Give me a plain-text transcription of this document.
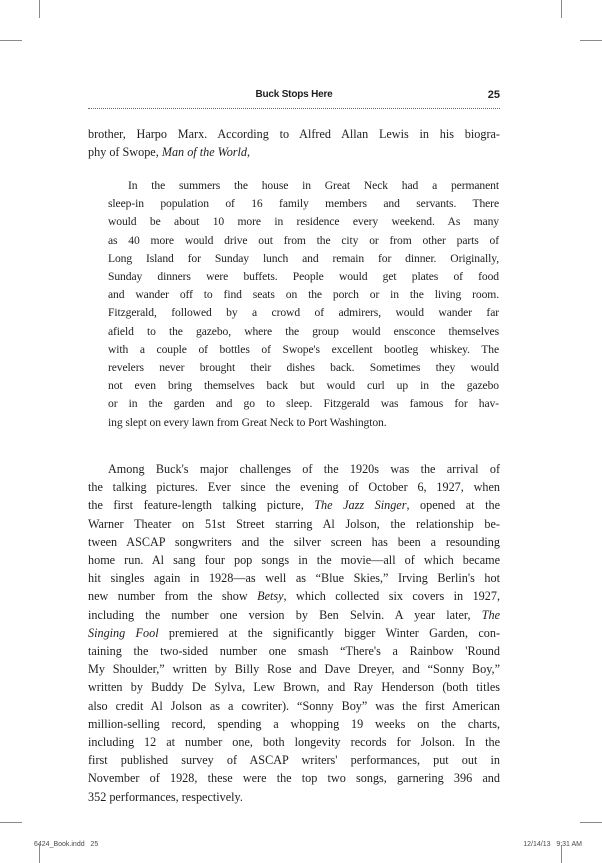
Buck Stops Here	25
brother, Harpo Marx. According to Alfred Allan Lewis in his biogra-
phy of Swope, Man of the World,
In the summers the house in Great Neck had a permanent
sleep-in population of 16 family members and servants. There
would be about 10 more in residence every weekend. As many
as 40 more would drive out from the city or from other parts of
Long Island for Sunday lunch and remain for dinner. Originally,
Sunday dinners were buffets. People would get plates of food
and wander off to find seats on the porch or in the living room.
Fitzgerald, followed by a crowd of admirers, would wander far
afield to the gazebo, where the group would ensconce themselves
with a couple of bottles of Swope's excellent bootleg whiskey. The
revelers never brought their dishes back. Sometimes they would
not even bring themselves back but would curl up in the gazebo
or in the garden and go to sleep. Fitzgerald was famous for hav-
ing slept on every lawn from Great Neck to Port Washington.
Among Buck's major challenges of the 1920s was the arrival of
the talking pictures. Ever since the evening of October 6, 1927, when
the first feature-length talking picture, The Jazz Singer, opened at the
Warner Theater on 51st Street starring Al Jolson, the relationship be-
tween ASCAP songwriters and the silver screen has been a resounding
home run. Al sang four pop songs in the movie—all of which became
hit singles again in 1928—as well as “Blue Skies,” Irving Berlin's hot
new number from the show Betsy, which collected six covers in 1927,
including the number one version by Ben Selvin. A year later, The
Singing Fool premiered at the significantly bigger Winter Garden, con-
taining the two-sided number one smash “There's a Rainbow 'Round
My Shoulder,” written by Billy Rose and Dave Dreyer, and “Sonny Boy,”
written by Buddy De Sylva, Lew Brown, and Ray Henderson (both titles
also credit Al Jolson as a cowriter). “Sonny Boy” was the first American
million-selling record, spending a whopping 19 weeks on the charts,
including 12 at number one, both longevity records for Jolson. In the
first published survey of ASCAP writers' performances, put out in
November of 1928, these were the top two songs, garnering 396 and
352 performances, respectively.
6424_Book.indd   25	12/14/13   9:31 AM
